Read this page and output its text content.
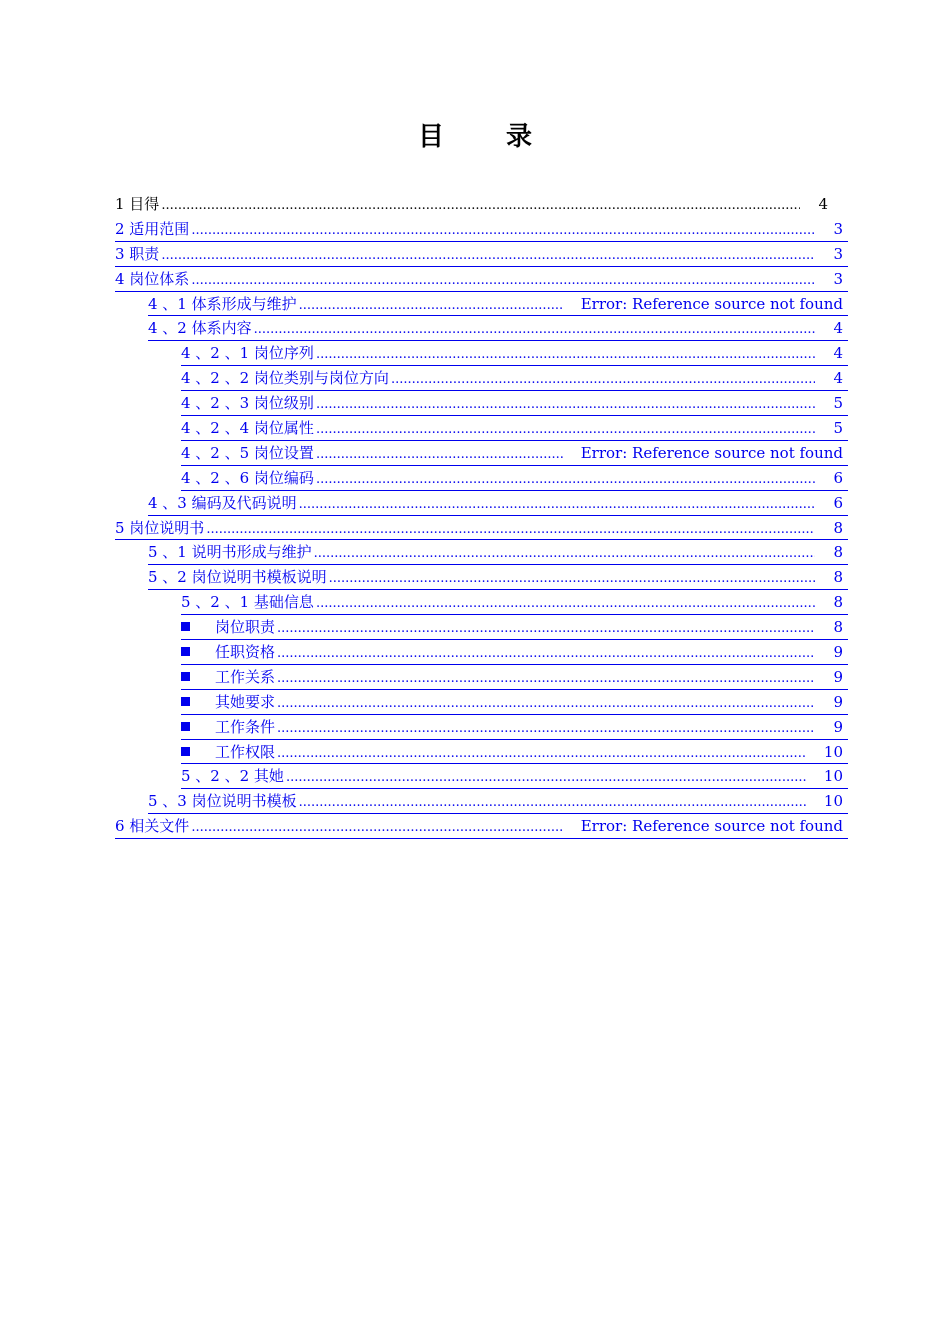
目 录
1 目得 .....	4
2 适用范围 .....	3
3 职责 .....	3
4 岗位体系 .....	3
4 、1 体系形成与维护 .....	Error: Reference source not found
4 、2 体系内容 .....	4
4 、2 、1 岗位序列 .....	4
4 、2 、2 岗位类别与岗位方向 .....	4
4 、2 、3 岗位级别 .....	5
4 、2 、4 岗位属性 .....	5
4 、2 、5 岗位设置 .....	Error: Reference source not found
4 、2 、6 岗位编码 .....	6
4 、3 编码及代码说明 .....	6
5 岗位说明书 .....	8
5 、1 说明书形成与维护 .....	8
5 、2 岗位说明书模板说明 .....	8
5 、2 、1 基础信息 .....	8
岗位职责 .....	8
任职资格 .....	9
工作关系 .....	9
其她要求 .....	9
工作条件 .....	9
工作权限 .....	10
5 、2 、2 其她 .....	10
5 、3 岗位说明书模板 .....	10
6 相关文件 .....	Error: Reference source not found
